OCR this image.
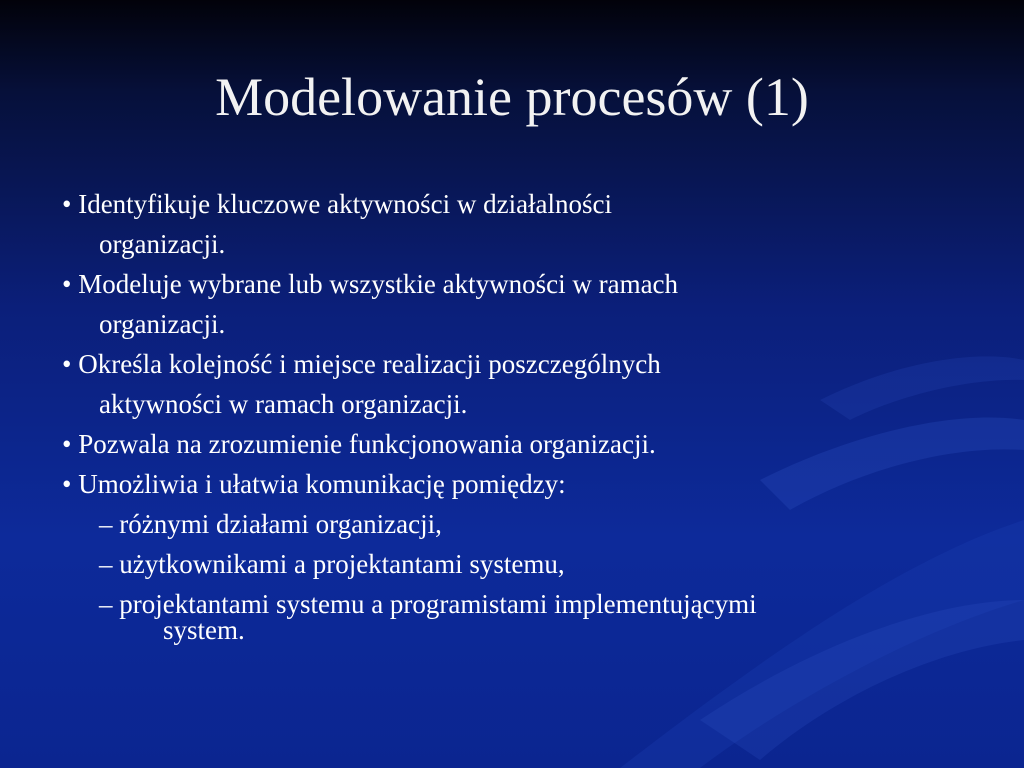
Modelowanie procesów (1)
• Identyfikuje kluczowe aktywności w działalności
organizacji.
• Modeluje wybrane lub wszystkie aktywności w ramach
organizacji.
• Określa kolejność i miejsce realizacji poszczególnych
aktywności w ramach organizacji.
• Pozwala na zrozumienie funkcjonowania organizacji.
• Umożliwia i ułatwia komunikację pomiędzy:
– różnymi działami organizacji,
– użytkownikami a projektantami systemu,
– projektantami systemu a programistami implementującymi
system.
